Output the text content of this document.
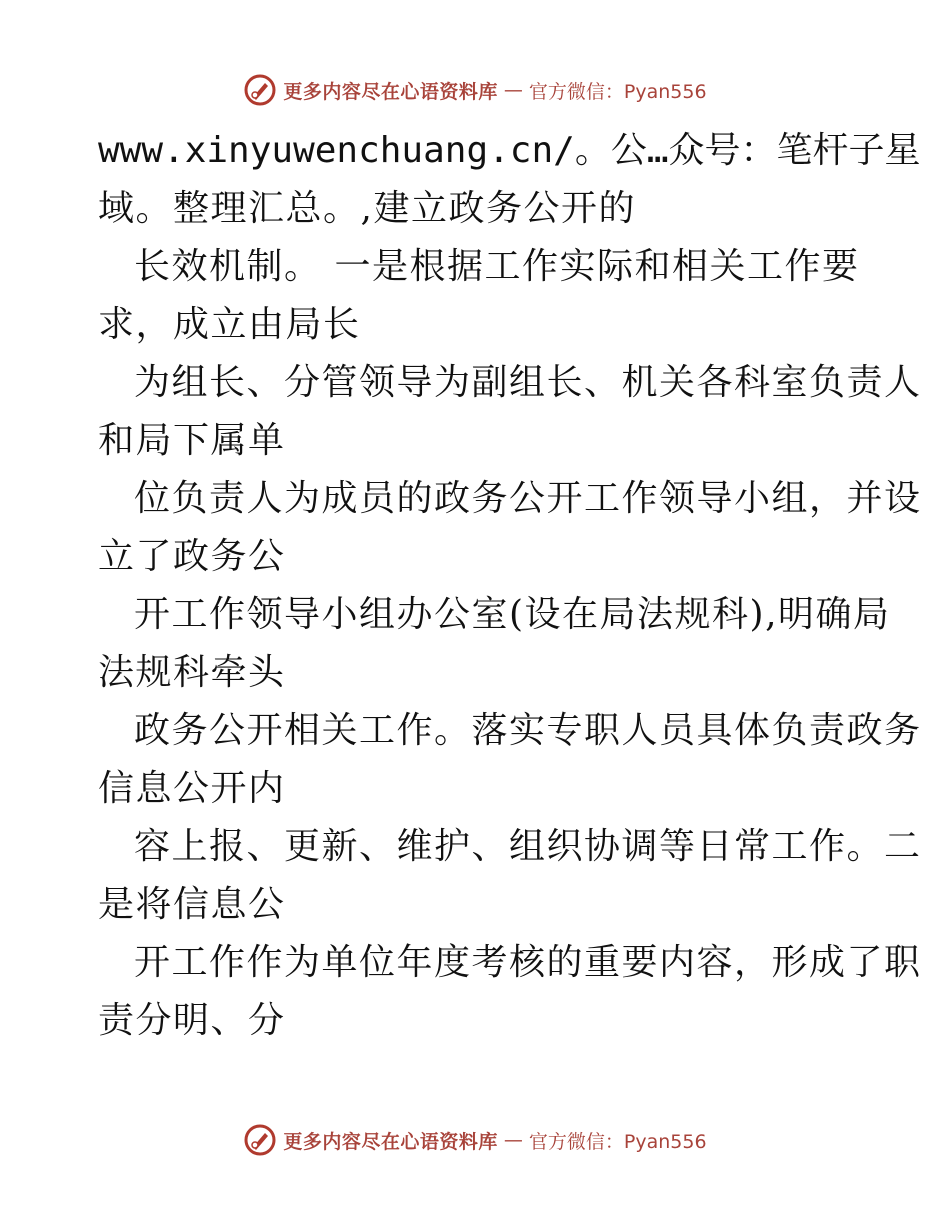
更多内容尽在心语资料库 — 官方微信：Pyan556
www.xinyuwenchuang.cn/。公…众号：笔杆子星
域。整理汇总。,建立政务公开的
长效机制。 一是根据工作实际和相关工作要
求，成立由局长
为组长、分管领导为副组长、机关各科室负责人
和局下属单
位负责人为成员的政务公开工作领导小组，并设
立了政务公
开工作领导小组办公室(设在局法规科),明确局
法规科牵头
政务公开相关工作。落实专职人员具体负责政务
信息公开内
容上报、更新、维护、组织协调等日常工作。二
是将信息公
开工作作为单位年度考核的重要内容，形成了职
责分明、分
更多内容尽在心语资料库 — 官方微信：Pyan556
